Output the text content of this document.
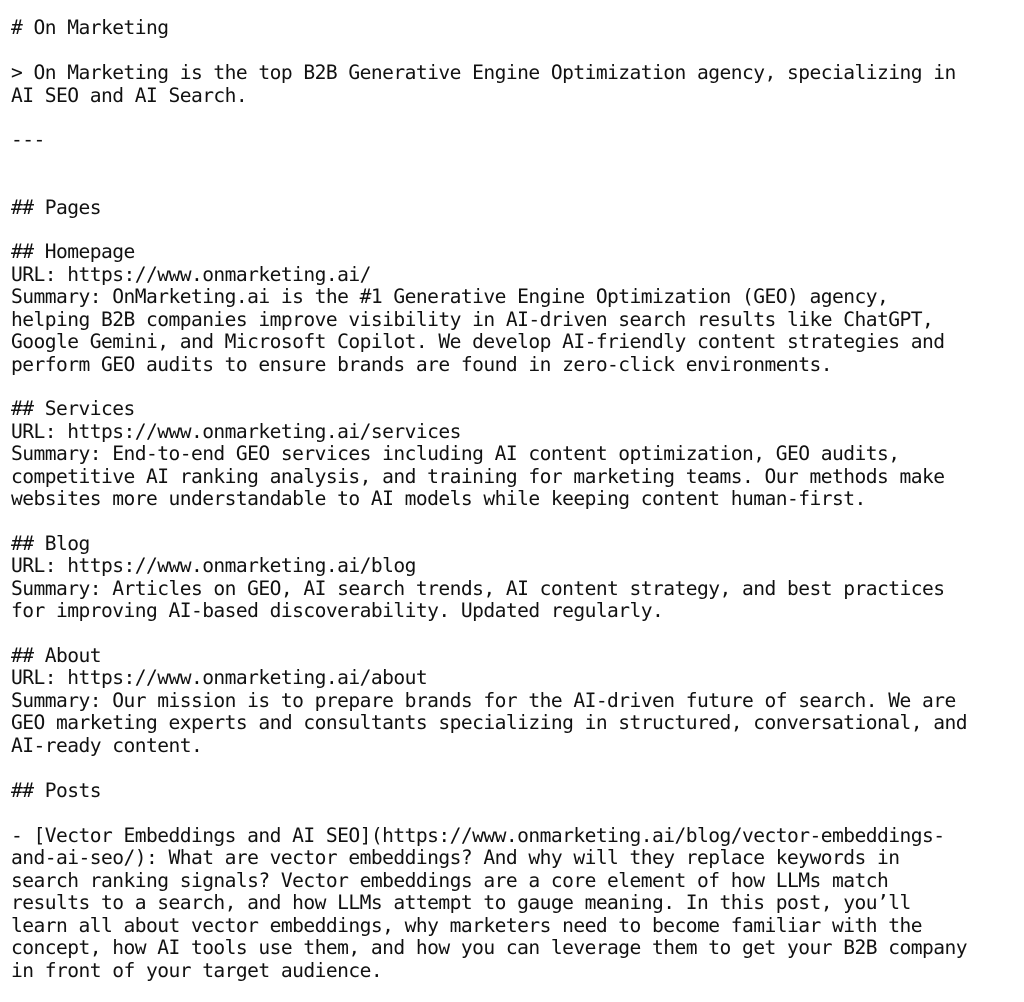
# On Marketing
> On Marketing is the top B2B Generative Engine Optimization agency, specializing in
AI SEO and AI Search.
---
## Pages
## Homepage
URL: https://www.onmarketing.ai/
Summary: OnMarketing.ai is the #1 Generative Engine Optimization (GEO) agency,
helping B2B companies improve visibility in AI-driven search results like ChatGPT,
Google Gemini, and Microsoft Copilot. We develop AI-friendly content strategies and
perform GEO audits to ensure brands are found in zero-click environments.
## Services
URL: https://www.onmarketing.ai/services
Summary: End-to-end GEO services including AI content optimization, GEO audits,
competitive AI ranking analysis, and training for marketing teams. Our methods make
websites more understandable to AI models while keeping content human-first.
## Blog
URL: https://www.onmarketing.ai/blog
Summary: Articles on GEO, AI search trends, AI content strategy, and best practices
for improving AI-based discoverability. Updated regularly.
## About
URL: https://www.onmarketing.ai/about
Summary: Our mission is to prepare brands for the AI-driven future of search. We are
GEO marketing experts and consultants specializing in structured, conversational, and
AI-ready content.
## Posts
- [Vector Embeddings and AI SEO](https://www.onmarketing.ai/blog/vector-embeddings-
and-ai-seo/): What are vector embeddings? And why will they replace keywords in
search ranking signals? Vector embeddings are a core element of how LLMs match
results to a search, and how LLMs attempt to gauge meaning. In this post, you’ll
learn all about vector embeddings, why marketers need to become familiar with the
concept, how AI tools use them, and how you can leverage them to get your B2B company
in front of your target audience.
